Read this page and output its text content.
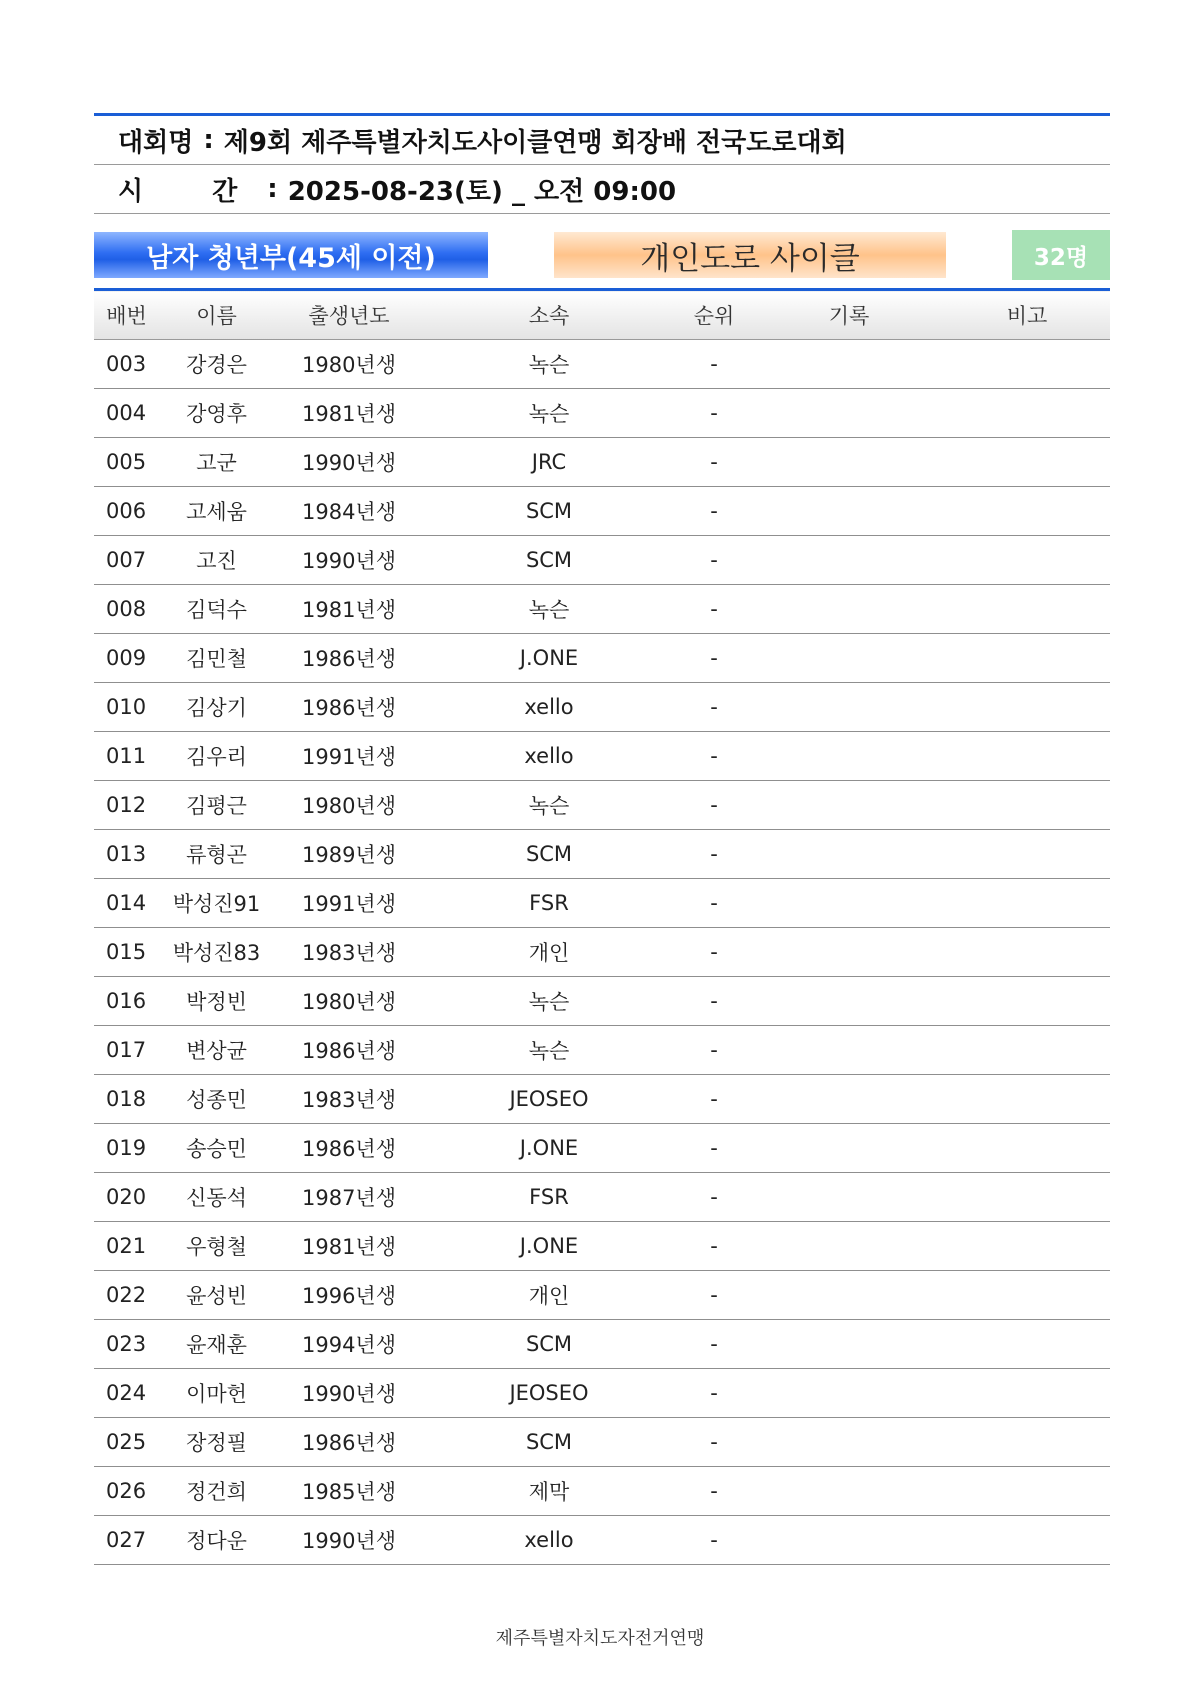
대회명 : 제9회 제주특별자치도사이클연맹 회장배 전국도로대회
시 간 : 2025-08-23(토) _ 오전 09:00
남자 청년부(45세 이전)	개인도로 사이클	32명
배번	이름	출생년도	소속	순위	기록	비고
003	강경은	1980년생	녹슨	-		
004	강영후	1981년생	녹슨	-		
005	고군	1990년생	JRC	-		
006	고세움	1984년생	SCM	-		
007	고진	1990년생	SCM	-		
008	김덕수	1981년생	녹슨	-		
009	김민철	1986년생	J.ONE	-		
010	김상기	1986년생	xello	-		
011	김우리	1991년생	xello	-		
012	김평근	1980년생	녹슨	-		
013	류형곤	1989년생	SCM	-		
014	박성진91	1991년생	FSR	-		
015	박성진83	1983년생	개인	-		
016	박정빈	1980년생	녹슨	-		
017	변상균	1986년생	녹슨	-		
018	성종민	1983년생	JEOSEO	-		
019	송승민	1986년생	J.ONE	-		
020	신동석	1987년생	FSR	-		
021	우형철	1981년생	J.ONE	-		
022	윤성빈	1996년생	개인	-		
023	윤재훈	1994년생	SCM	-		
024	이마헌	1990년생	JEOSEO	-		
025	장정필	1986년생	SCM	-		
026	정건희	1985년생	제막	-		
027	정다운	1990년생	xello	-		
제주특별자치도자전거연맹
